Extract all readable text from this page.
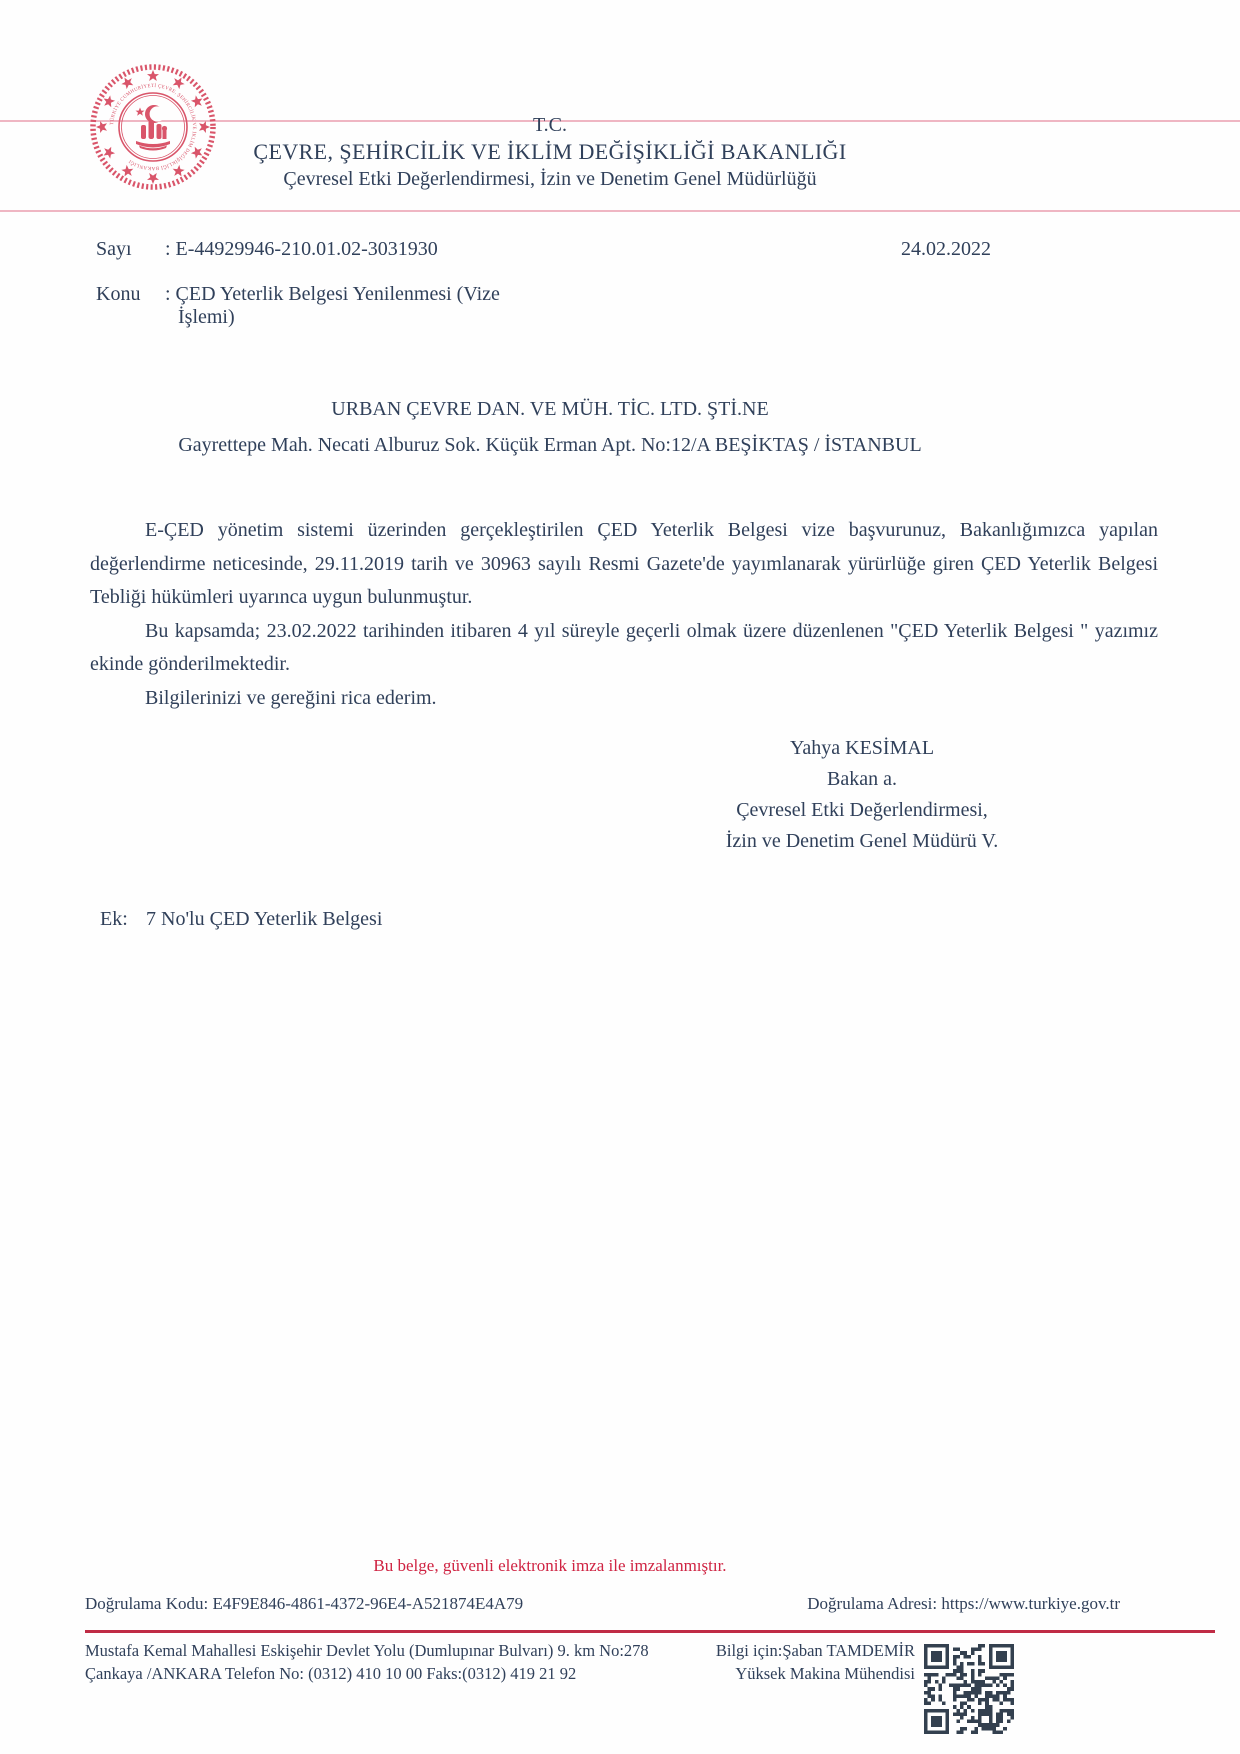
TÜRKİYE CUMHURİYETİ ÇEVRE, ŞEHİRCİLİK VE İKLİM DEĞİŞİKLİĞİ BAKANLIĞI
T.C.
ÇEVRE, ŞEHİRCİLİK VE İKLİM DEĞİŞİKLİĞİ BAKANLIĞI
Çevresel Etki Değerlendirmesi, İzin ve Denetim Genel Müdürlüğü
Sayı	: E-44929946-210.01.02-3031930	24.02.2022
Konu	: ÇED Yeterlik Belgesi Yenilenmesi (Vize
İşlemi)
URBAN ÇEVRE DAN. VE MÜH. TİC. LTD. ŞTİ.NE
Gayrettepe Mah. Necati Alburuz Sok. Küçük Erman Apt. No:12/A BEŞİKTAŞ / İSTANBUL

E-ÇED yönetim sistemi üzerinden gerçekleştirilen ÇED Yeterlik Belgesi vize başvurunuz, Bakanlığımızca yapılan değerlendirme neticesinde, 29.11.2019 tarih ve 30963 sayılı Resmi Gazete'de yayımlanarak yürürlüğe giren ÇED Yeterlik Belgesi Tebliği hükümleri uyarınca uygun bulunmuştur.

Bu kapsamda; 23.02.2022 tarihinden itibaren 4 yıl süreyle geçerli olmak üzere düzenlenen "ÇED Yeterlik Belgesi " yazımız ekinde gönderilmektedir.

Bilgilerinizi ve gereğini rica ederim.

Yahya KESİMAL
Bakan a.
Çevresel Etki Değerlendirmesi,
İzin ve Denetim Genel Müdürü V.
Ek: 7 No'lu ÇED Yeterlik Belgesi
Bu belge, güvenli elektronik imza ile imzalanmıştır.
Doğrulama Kodu: E4F9E846-4861-4372-96E4-A521874E4A79	Doğrulama Adresi: https://www.turkiye.gov.tr
Mustafa Kemal Mahallesi Eskişehir Devlet Yolu (Dumlupınar Bulvarı) 9. km No:278
Çankaya /ANKARA Telefon No: (0312) 410 10 00 Faks:(0312) 419 21 92
Bilgi için:Şaban TAMDEMİR
Yüksek Makina Mühendisi
